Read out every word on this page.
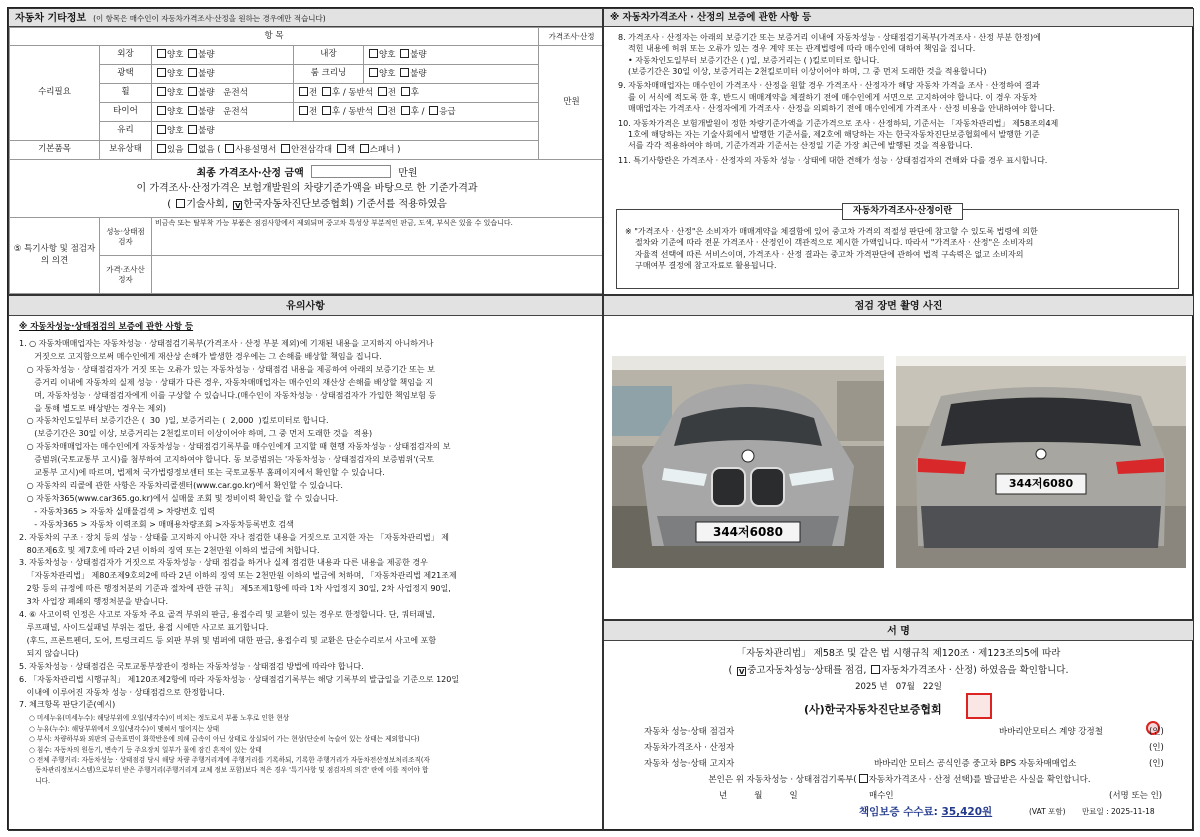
자동차 기타정보 (이 항목은 매수인이 자동차가격조사·산정을 원하는 경우에만 적습니다)
항 목					가격조사·산정
수리필요	외장	양호 불량	내장	양호 불량	만원
	광택	양호 불량	룸 크리닝	양호 불량	
	휠	양호 불량 운전석	전 후 / 동반석 전 후		
	타이어	양호 불량 운전석	전 후 / 동반석 전 후 / 응급		
	유리	양호 불량			
기본품목	보유상태	있음 없음 ( 사용설명서 안전삼각대 잭 스패너 )			

최종 가격조사·산정 금액 만원
이 가격조사·산정가격은 보험개발원의 차량기준가액을 바탕으로 한 기준가격과
( 기술사회, V 한국자동차진단보증협회) 기준서를 적용하였음					

⑤ 특기사항 및 점검자의 의견	성능·상태점검자	비금속 또는 탈부착 가능 부품은 점검사항에서 제외되며 중고차 특성상 부분적인 판금, 도색, 부식은 있을 수 있습니다.			
	가격·조사산정자				
※ 자동차가격조사 · 산정의 보증에 관한 사항 등

8. 가격조사 · 산정자는 아래의 보증기간 또는 보증거리 이내에 자동차성능 · 상태점검기록부(가격조사 · 산정 부분 한정)에

적힌 내용에 허위 또는 오류가 있는 경우 계약 또는 관계법령에 따라 매수인에 대하여 책임을 집니다.

• 자동차인도일부터 보증기간은 ( )일, 보증거리는 ( )킬로미터로 합니다.

(보증기간은 30일 이상, 보증거리는 2천킬로미터 이상이어야 하며, 그 중 먼저 도래한 것을 적용합니다)

9. 자동차매매업자는 매수인이 가격조사 · 산정을 원할 경우 가격조사 · 산정자가 해당 자동차 가격을 조사 · 산정하여 결과

를 이 서식에 적도록 한 후, 반드시 매매계약을 체결하기 전에 매수인에게 서면으로 고지하여야 합니다. 이 경우 자동차

매매업자는 가격조사 · 산정자에게 가격조사 · 산정을 의뢰하기 전에 매수인에게 가격조사 · 산정 비용을 안내하여야 합니다.

10. 자동차가격은 보험개발원이 정한 차량기준가액을 기준가격으로 조사 · 산정하되, 기준서는 「자동차관리법」 제58조의4제

1호에 해당하는 자는 기술사회에서 발행한 기준서를, 제2호에 해당하는 자는 한국자동차진단보증협회에서 발행한 기준

서를 각각 적용하여야 하며, 기준가격과 기준서는 산정일 기준 가장 최근에 발행된 것을 적용합니다.

11. 특기사항란은 가격조사 · 산정자의 자동차 성능 · 상태에 대한 견해가 성능 · 상태점검자의 견해와 다를 경우 표시합니다.

자동차가격조사·산정이란

※ "가격조사 · 산정"은 소비자가 매매계약을 체결함에 있어 중고차 가격의 적절성 판단에 참고할 수 있도록 법령에 의한

절차와 기준에 따라 전문 가격조사 · 산정인이 객관적으로 제시한 가액입니다. 따라서 "가격조사 · 산정"은 소비자의

자율적 선택에 따른 서비스이며, 가격조사 · 산정 결과는 중고차 가격판단에 관하여 법적 구속력은 없고 소비자의

구매여부 결정에 참고자료로 활용됩니다.

유의사항

※ 자동차성능·상태점검의 보증에 관한 사항 등

1. ○ 자동차매매업자는 자동차성능 · 상태점검기록부(가격조사 · 산정 부분 제외)에 기재된 내용을 고지하지 아니하거나
거짓으로 고지함으로써 매수인에게 재산상 손해가 발생한 경우에는 그 손해를 배상할 책임을 집니다.
○ 자동차성능 · 상태점검자가 거짓 또는 오류가 있는 자동차성능 · 상태점검 내용을 제공하여 아래의 보증기간 또는 보
증거리 이내에 자동차의 실제 성능 · 상태가 다른 경우, 자동차매매업자는 매수인의 재산상 손해를 배상할 책임을 지
며, 자동차성능 · 상태점검자에게 이를 구상할 수 있습니다.(매수인이 자동차성능 · 상태점검자가 가입한 책임보험 등
을 통해 별도로 배상받는 경우는 제외)
○ 자동차인도일부터 보증기간은 (  30  )일, 보증거리는 (  2,000  )킬로미터로 합니다.
(보증기간은 30일 이상, 보증거리는 2천킬로미터 이상이어야 하며, 그 중 먼저 도래한 것을  적용)
○ 자동차매매업자는 매수인에게 자동차성능 · 상태점검기록부를 매수인에게 고지할 때 현행 자동차성능 · 상태점검자의 보
증범위(국토교통부 고시)를 첨부하여 고지하여야 합니다. 동 보증범위는 '자동차성능 · 상태점검자의 보증범위'(국토
교통부 고시)에 따르며, 법제처 국가법령정보센터 또는 국토교통부 홈페이지에서 확인할 수 있습니다.
○ 자동차의 리콜에 관한 사항은 자동차리콜센터(www.car.go.kr)에서 확인할 수 있습니다.
○ 자동차365(www.car365.go.kr)에서 실매물 조회 및 정비이력 확인을 할 수 있습니다.
- 자동차365 > 자동차 실매물검색 > 차량번호 입력
- 자동차365 > 자동차 이력조회 > 매매용차량조회 >자동차등록번호 검색
2. 자동차의 구조 · 장치 등의 성능 · 상태를 고지하지 아니한 자나 점검한 내용을 거짓으로 고지한 자는 「자동차관리법」 제
80조제6호 및 제7호에 따라 2년 이하의 징역 또는 2천만원 이하의 벌금에 처합니다.
3. 자동차성능 · 상태점검자가 거짓으로 자동차성능 · 상태 점검을 하거나 실제 점검한 내용과 다른 내용을 제공한 경우
「자동차관리법」 제80조제9호의2에 따라 2년 이하의 징역 또는 2천만원 이하의 벌금에 처하며, 「자동차관리법 제21조제
2항 등의 규정에 따른 행정처분의 기준과 절차에 관한 규칙」 제5조제1항에 따라 1차 사업정지 30일, 2차 사업정지 90일,
3차 사업장 폐쇄의 행정처분을 받습니다.
4. ⑥ 사고이력 인정은 사고로 자동차 주요 골격 부위의 판금, 용접수리 및 교환이 있는 경우로 한정합니다. 단, 쿼터패널,
루프패널, 사이드실패널 부위는 절단, 용접 시에만 사고로 표기합니다.
(후드, 프론트펜더, 도어, 트렁크리드 등 외판 부위 및 범퍼에 대한 판금, 용접수리 및 교환은 단순수리로서 사고에 포함
되지 않습니다)
5. 자동차성능 · 상태점검은 국토교통부장관이 정하는 자동차성능 · 상태점검 방법에 따라야 합니다.
6. 「자동차관리법 시행규칙」 제120조제2항에 따라 자동차성능 · 상태점검기록부는 해당 기록부의 발급일을 기준으로 120일
이내에 이루어진 자동차 성능 · 상태점검으로 한정합니다.
7. 체크항목 판단기준(예시)
○ 미세누유(미세누수): 해당부위에 오일(냉각수)이 비치는 정도로서 부품 노후로 인한 현상
○ 누유(누수): 해당부위에서 오일(냉각수)이 맺혀서 떨어지는 상태
○ 부식: 차량하부와 외판의 금속표면이 화학반응에 의해 금속이 아닌 상태로 상실되어 가는 현상(단순히 녹슬어 있는 상태는 제외합니다)
○ 침수: 자동차의 원동기, 변속기 등 주요장치 일부가 물에 잠긴 흔적이 있는 상태
○ 전체 주행거리: 자동차성능 · 상태점검 당시 해당 차량 주행거리계에 주행거리를 기록하되, 기록한 주행거리가 자동차전산정보처리조직(자
동차관리정보시스템)으로부터 받은 주행거리(주행거리계 교체 정보 포함)보다 적은 경우 '특기사항 및 점검자의 의견' 란에 이를 적어야 합
니다.
점검 장면 촬영 사진
344저6080
344저6080
서 명

「자동차관리법」 제58조 및 같은 법 시행규칙 제120조 · 제123조의5에 따라

( V 중고자동차성능·상태를 점검, 자동차가격조사 · 산정) 하였음을 확인합니다.

2025 년 07월 22일

(사)한국자동차진단보증협회
자동차 성능·상태 점검자	바바리안모터스 계양 강정철	(인)
자동차가격조사 · 산정자	(인)
자동차 성능·상태 고지자	바바리안 모터스 공식인증 중고차 BPS 자동차매매업소	(인)
본인은 위 자동차성능 · 상태점검기록부( 자동차가격조사 · 산정 선택)를 발급받은 사실을 확인합니다.
년          월          일	매수인	(서명 또는 인)
책임보증 수수료: 35,420원	(VAT 포함) 만료일 : 2025-11-18
